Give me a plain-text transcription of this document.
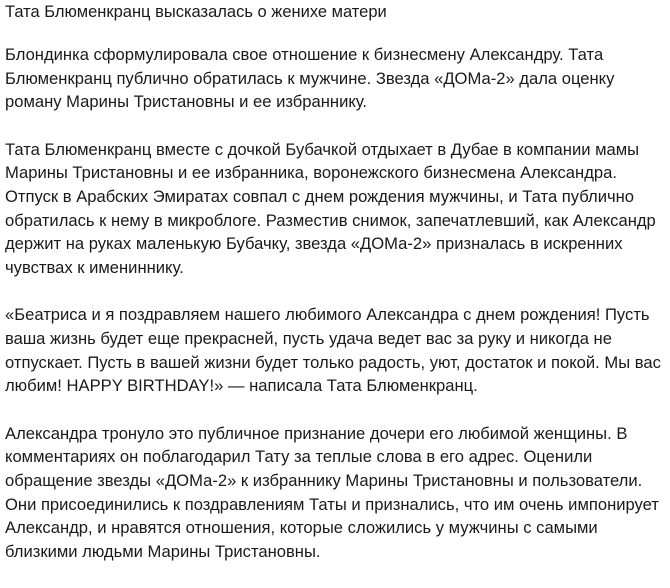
Тата Блюменкранц высказалась о женихе матери

Блондинка сформулировала свое отношение к бизнесмену Александру. Тата Блюменкранц публично обратилась к мужчине. Звезда «ДОМа-2» дала оценку роману Марины Тристановны и ее избраннику.

Тата Блюменкранц вместе с дочкой Бубачкой отдыхает в Дубае в компании мамы Марины Тристановны и ее избранника, воронежского бизнесмена Александра. Отпуск в Арабских Эмиратах совпал с днем рождения мужчины, и Тата публично обратилась к нему в микроблоге. Разместив снимок, запечатлевший, как Александр держит на руках маленькую Бубачку, звезда «ДОМа-2» призналась в искренних чувствах к имениннику.

«Беатриса и я поздравляем нашего любимого Александра с днем рождения! Пусть ваша жизнь будет еще прекрасней, пусть удача ведет вас за руку и никогда не отпускает. Пусть в вашей жизни будет только радость, уют, достаток и покой. Мы вас любим! HAPPY BIRTHDAY!» — написала Тата Блюменкранц.

Александра тронуло это публичное признание дочери его любимой женщины. В комментариях он поблагодарил Тату за теплые слова в его адрес. Оценили обращение звезды «ДОМа-2» к избраннику Марины Тристановны и пользователи. Они присоединились к поздравлениям Таты и признались, что им очень импонирует Александр, и нравятся отношения, которые сложились у мужчины с самыми близкими людьми Марины Тристановны.
